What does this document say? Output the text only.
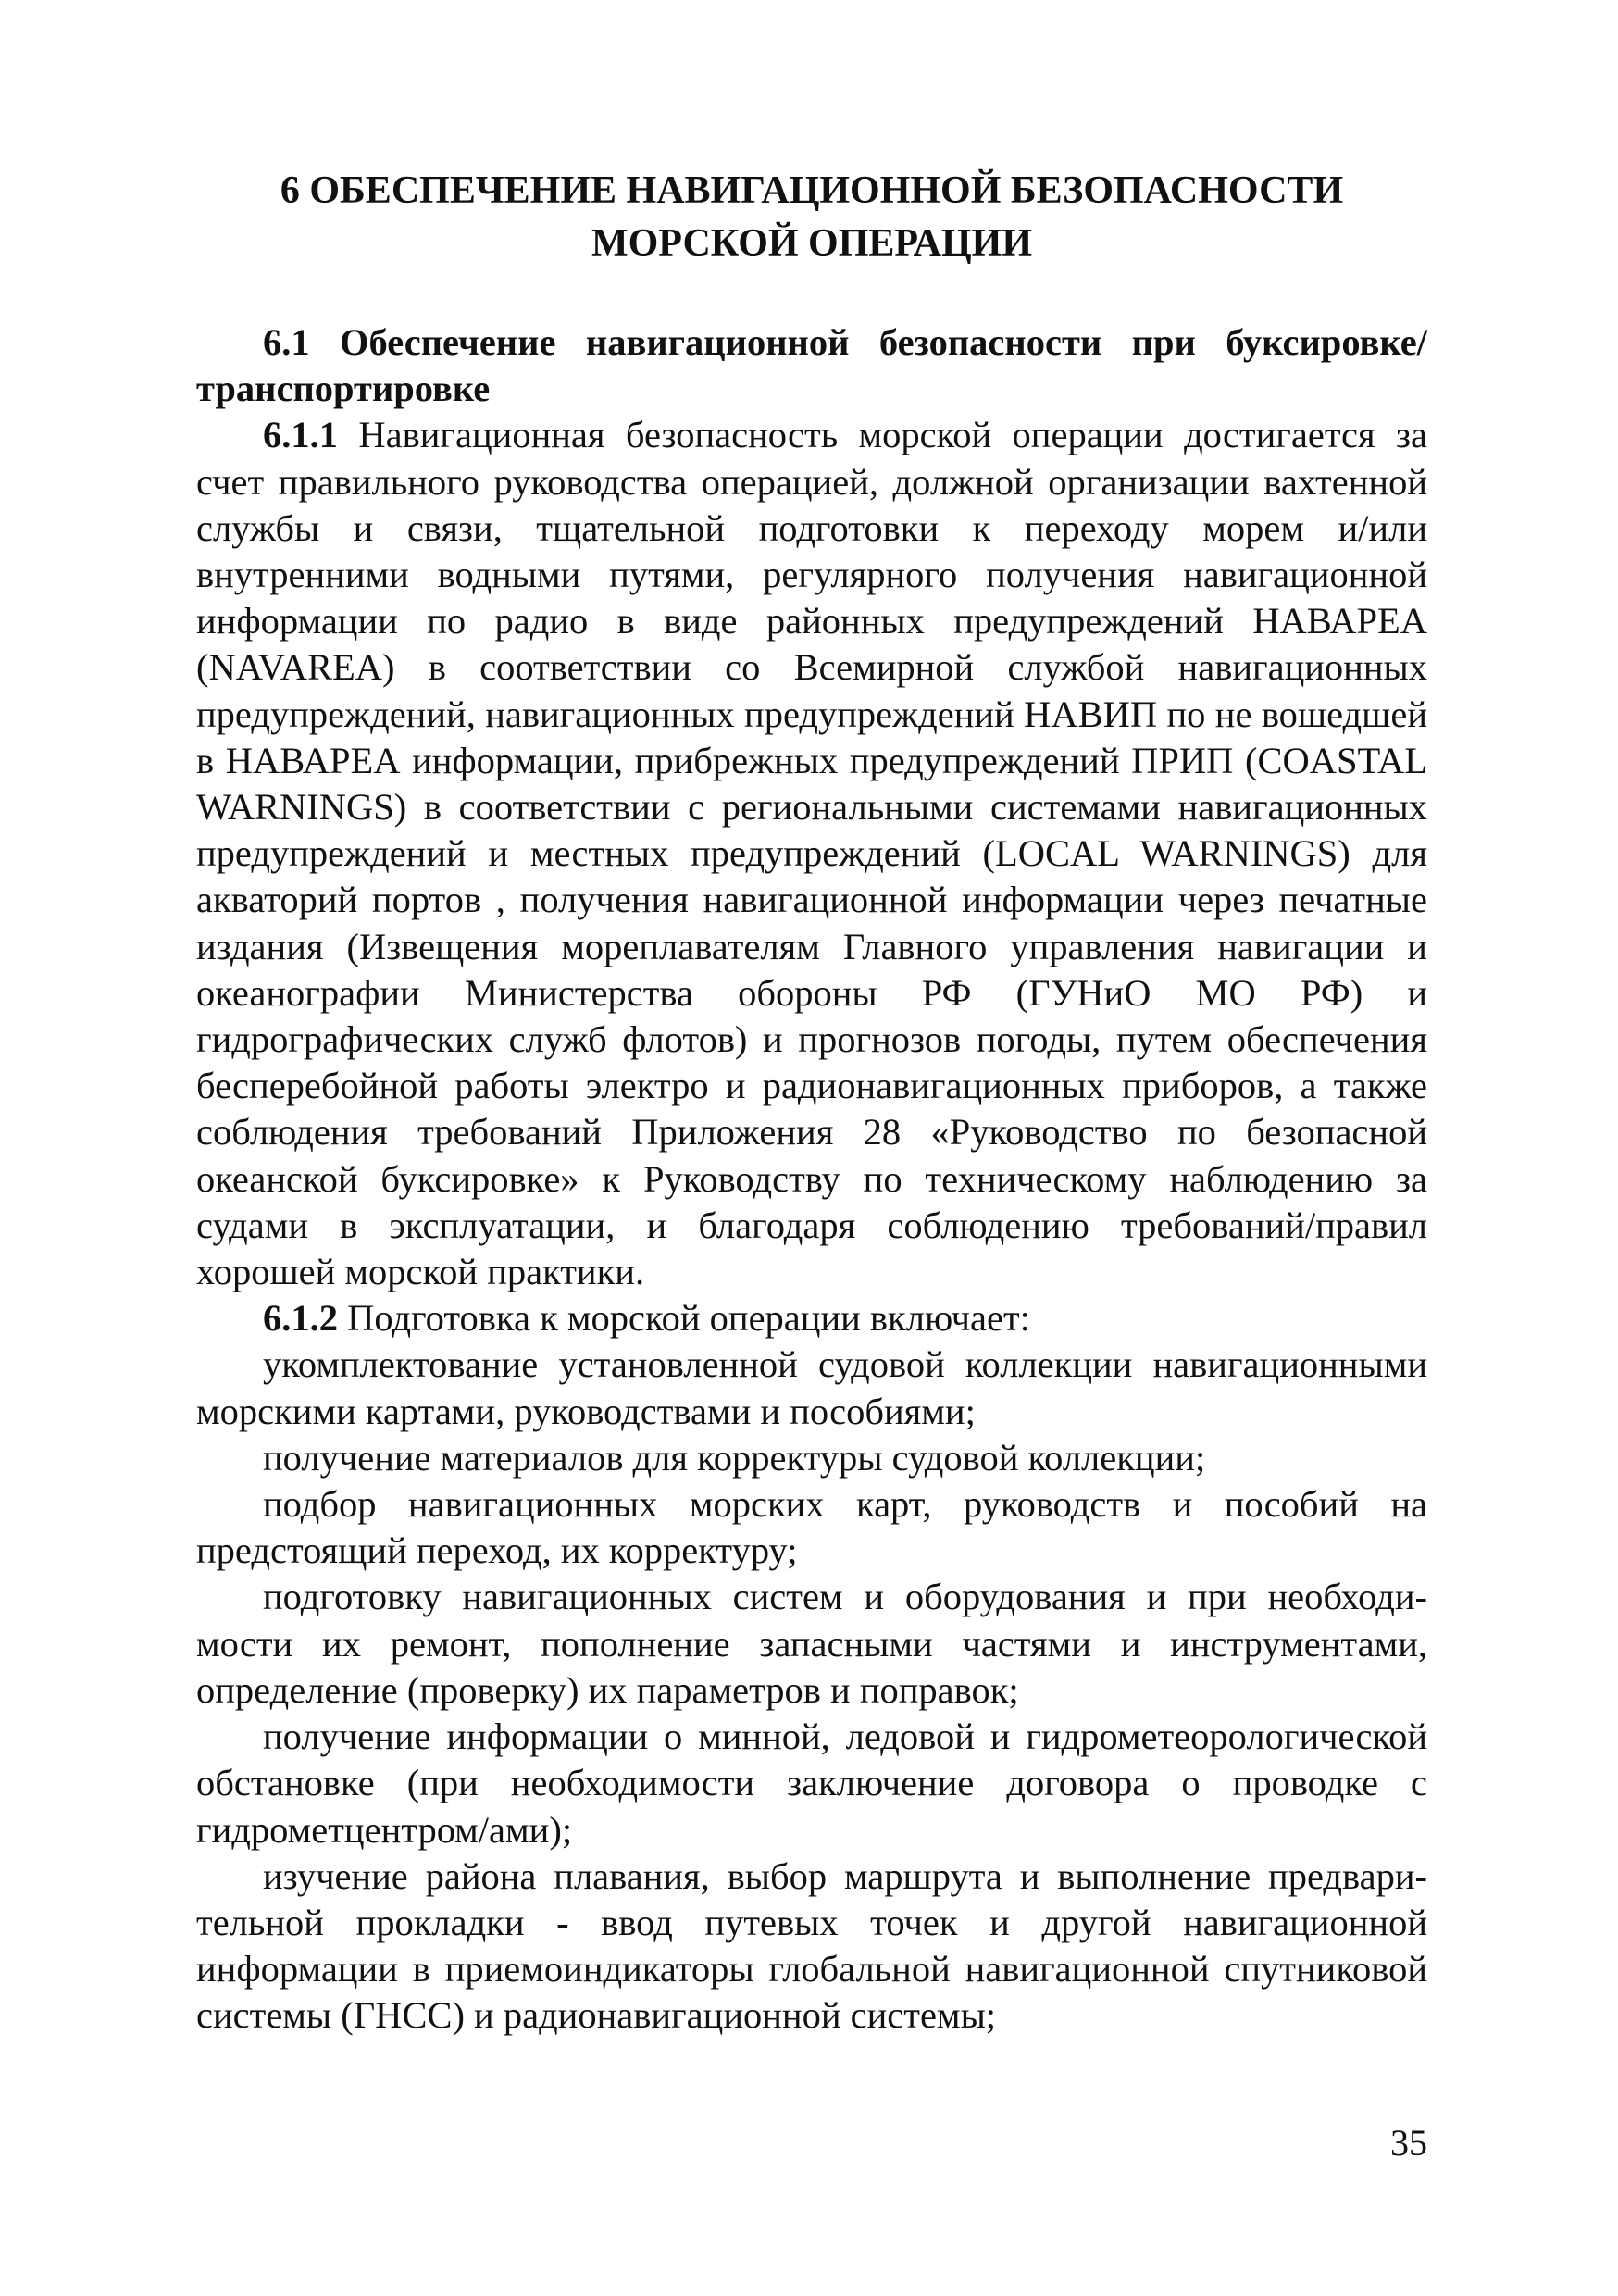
6 ОБЕСПЕЧЕНИЕ НАВИГАЦИОННОЙ БЕЗОПАСНОСТИ
МОРСКОЙ ОПЕРАЦИИ

6.1 Обеспечение навигационной безопасности при буксировке/ транспортировке

6.1.1 Навигационная безопасность морской операции достигается за счет правильного руководства операцией, должной организации вахтенной службы и связи, тщательной подготовки к переходу морем и/или внутренними водными путями, регулярного получения навигационной информации по радио в виде районных предупреждений НАВАРЕА (NAVAREA) в соответствии со Всемирной службой навигационных предупреждений, навигационных предупреждений НАВИП по не вошедшей в НАВАРЕА информации, прибрежных предупреждений ПРИП (COASTAL WARNINGS) в соответствии с региональными системами навигационных предупреждений и местных предупреждений (LOCAL WARNINGS) для акваторий портов , получения навигационной информации через печатные издания (Извещения мореплавателям Главного управления навигации и океанографии Министерства обороны РФ (ГУНиО МО РФ) и гидрографических служб флотов) и прогнозов погоды, путем обеспечения бесперебойной работы электро и радионавигационных приборов, а также соблюдения требований Приложения 28 «Руководство по безопасной океанской буксировке» к Руководству по техническому наблюдению за судами в эксплуатации, и благодаря соблюдению требований/правил хорошей морской практики.

6.1.2 Подготовка к морской операции включает:

укомплектование установленной судовой коллекции навигационными морскими картами, руководствами и пособиями;

получение материалов для корректуры судовой коллекции;

подбор навигационных морских карт, руководств и пособий на предстоящий переход, их корректуру;

подготовку навигационных систем и оборудования и при необходимости их ремонт, пополнение запасными частями и инструментами, определение (проверку) их параметров и поправок;

получение информации о минной, ледовой и гидрометеорологической обстановке (при необходимости заключение договора о проводке с гидрометцентром/ами);

изучение района плавания, выбор маршрута и выполнение предварительной прокладки - ввод путевых точек и другой навигационной информации в приемоиндикаторы глобальной навигационной спутниковой системы (ГНСС) и радионавигационной системы;

35
